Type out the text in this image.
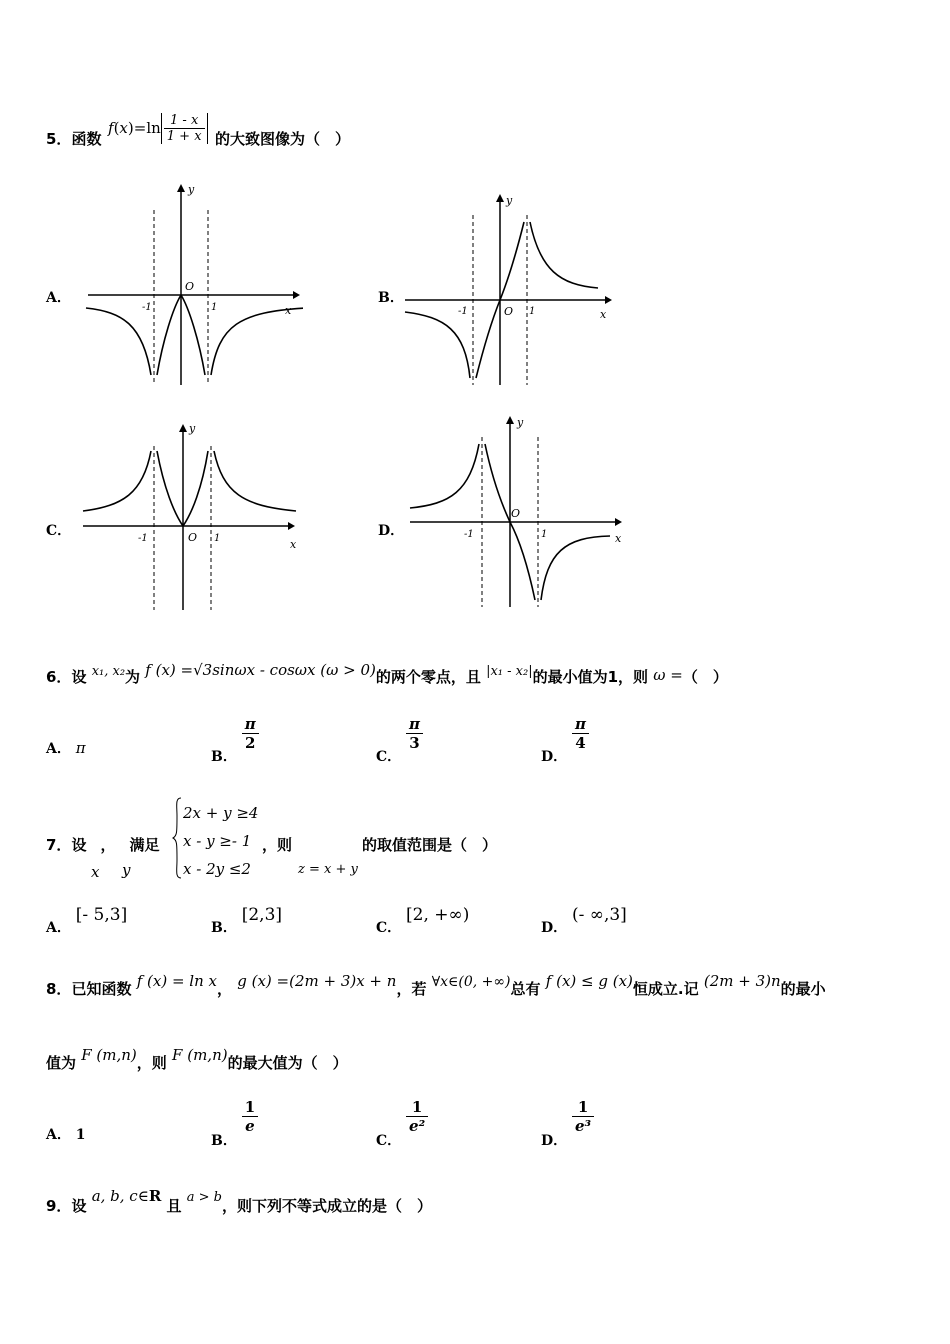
5．函数
$f(x)=\ln \frac{1 - x}{1 + x}$ 的大致图像为（　）
A．
y
x
O
-1	1
B．
y
x
O
-1	1
C．
y
x
O
-1	1	D．
y
x
O
-1	1
6．设 x₁, x₂为 f (x) =√3sinωx - cosωx (ω > 0)的两个零点，且 |x₁ - x₂|的最小值为1，则 ω =（　）
A． π	B．
$\frac{\pi}{2}$
C．
$\frac{\pi}{3}$
D．
$\frac{\pi}{4}$
7．设 ， 满足
x y
2x + y ≥4
x - y ≥- 1
x - 2y ≤2
，则
z = x + y
的取值范围是（　）
A． [- 5,3]
B． [2,3]
C． [2, +∞)
D． (- ∞,3]
8．已知函数 f (x) = ln x， g (x) =(2m + 3)x + n，若 ∀x∈(0, +∞)总有 f (x) ≤ g (x)恒成立.记 (2m + 3)n的最小
值为 F (m,n)，则 F (m,n)的最大值为（　）
A． 1	B．
$\frac{1}{e}$
C．
$\frac{1}{\text{e²}}$
D．
$\frac{1}{\text{e³}}$
9．设 a, b, c∈R 且 a > b，则下列不等式成立的是（　）
